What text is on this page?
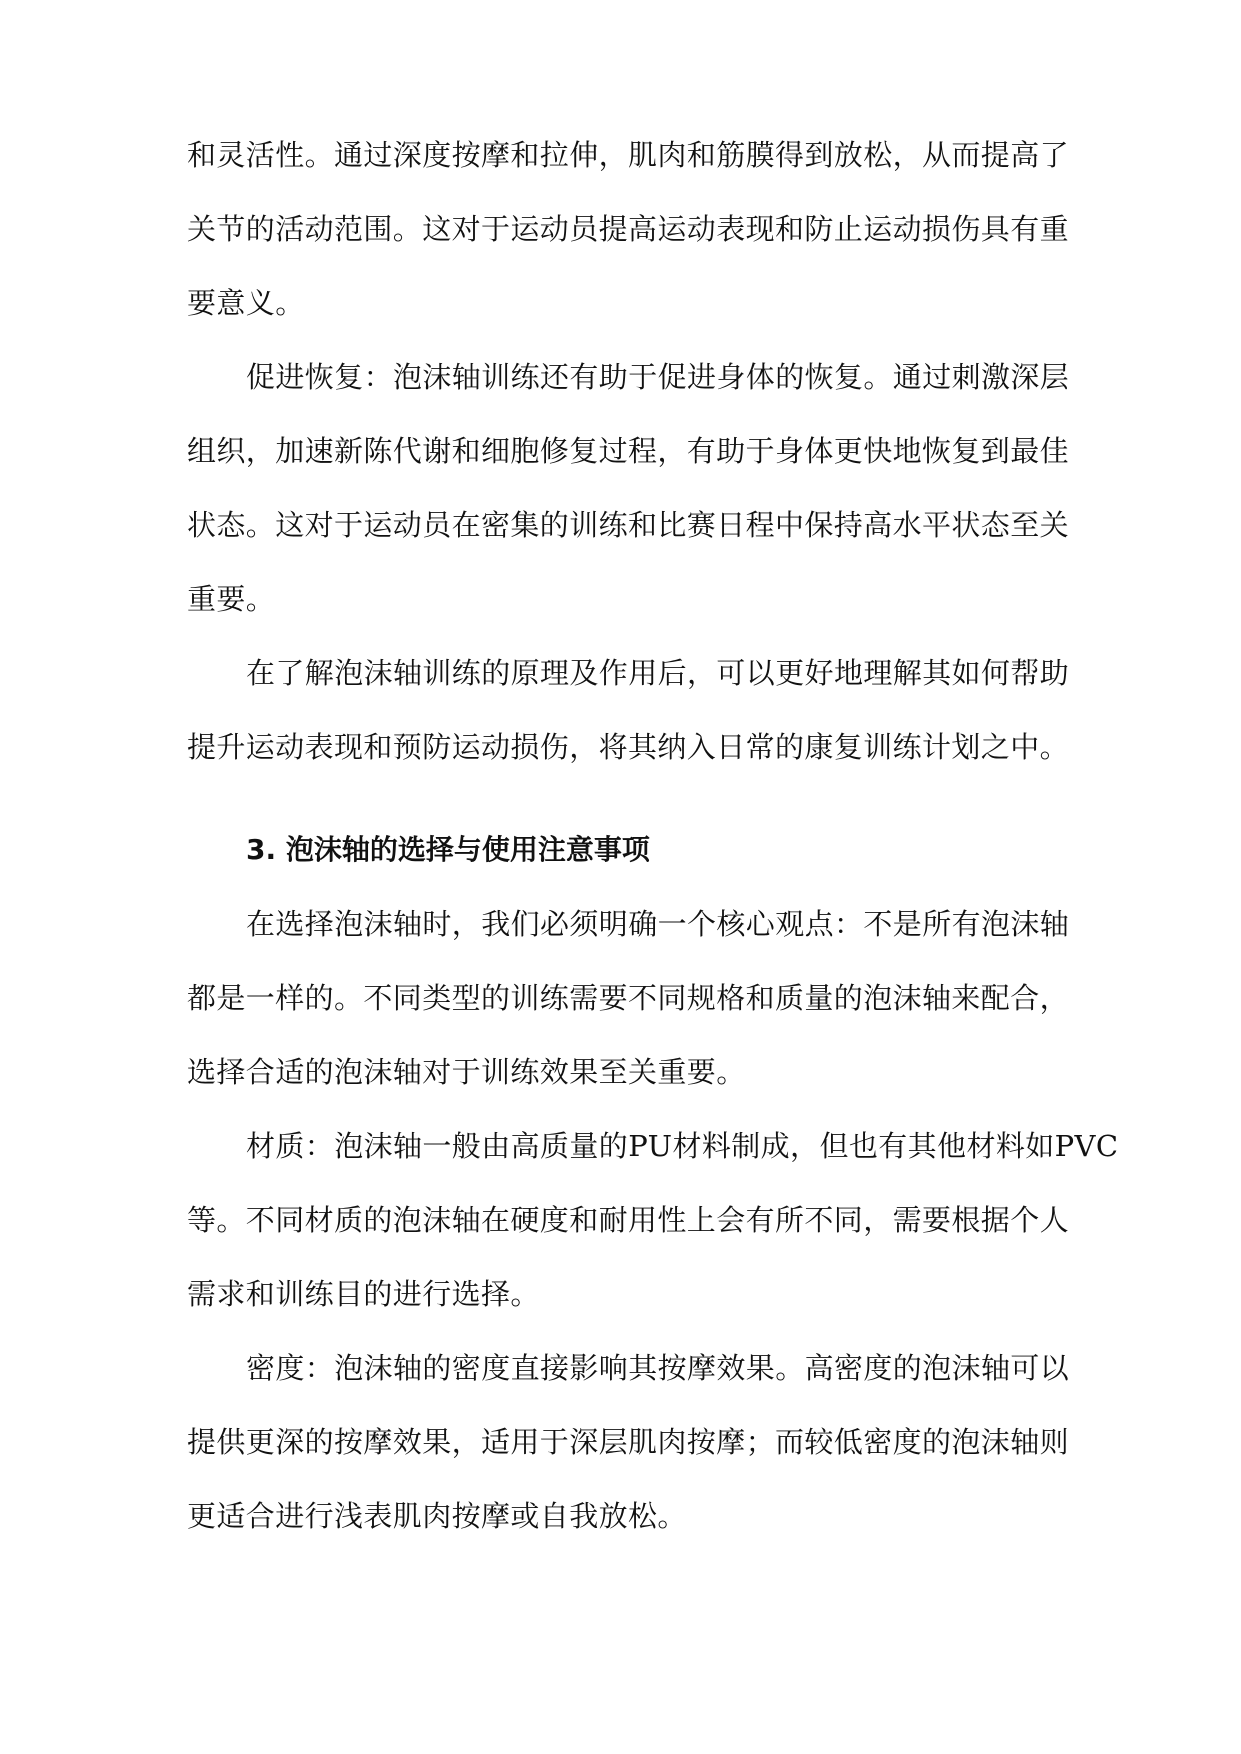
和灵活性。通过深度按摩和拉伸，肌肉和筋膜得到放松，从而提高了
关节的活动范围。这对于运动员提高运动表现和防止运动损伤具有重
要意义。
促进恢复：泡沫轴训练还有助于促进身体的恢复。通过刺激深层
组织，加速新陈代谢和细胞修复过程，有助于身体更快地恢复到最佳
状态。这对于运动员在密集的训练和比赛日程中保持高水平状态至关
重要。
在了解泡沫轴训练的原理及作用后，可以更好地理解其如何帮助
提升运动表现和预防运动损伤，将其纳入日常的康复训练计划之中。
3. 泡沫轴的选择与使用注意事项
在选择泡沫轴时，我们必须明确一个核心观点：不是所有泡沫轴
都是一样的。不同类型的训练需要不同规格和质量的泡沫轴来配合，
选择合适的泡沫轴对于训练效果至关重要。
材质：泡沫轴一般由高质量的PU材料制成，但也有其他材料如PVC
等。不同材质的泡沫轴在硬度和耐用性上会有所不同，需要根据个人
需求和训练目的进行选择。
密度：泡沫轴的密度直接影响其按摩效果。高密度的泡沫轴可以
提供更深的按摩效果，适用于深层肌肉按摩；而较低密度的泡沫轴则
更适合进行浅表肌肉按摩或自我放松。
